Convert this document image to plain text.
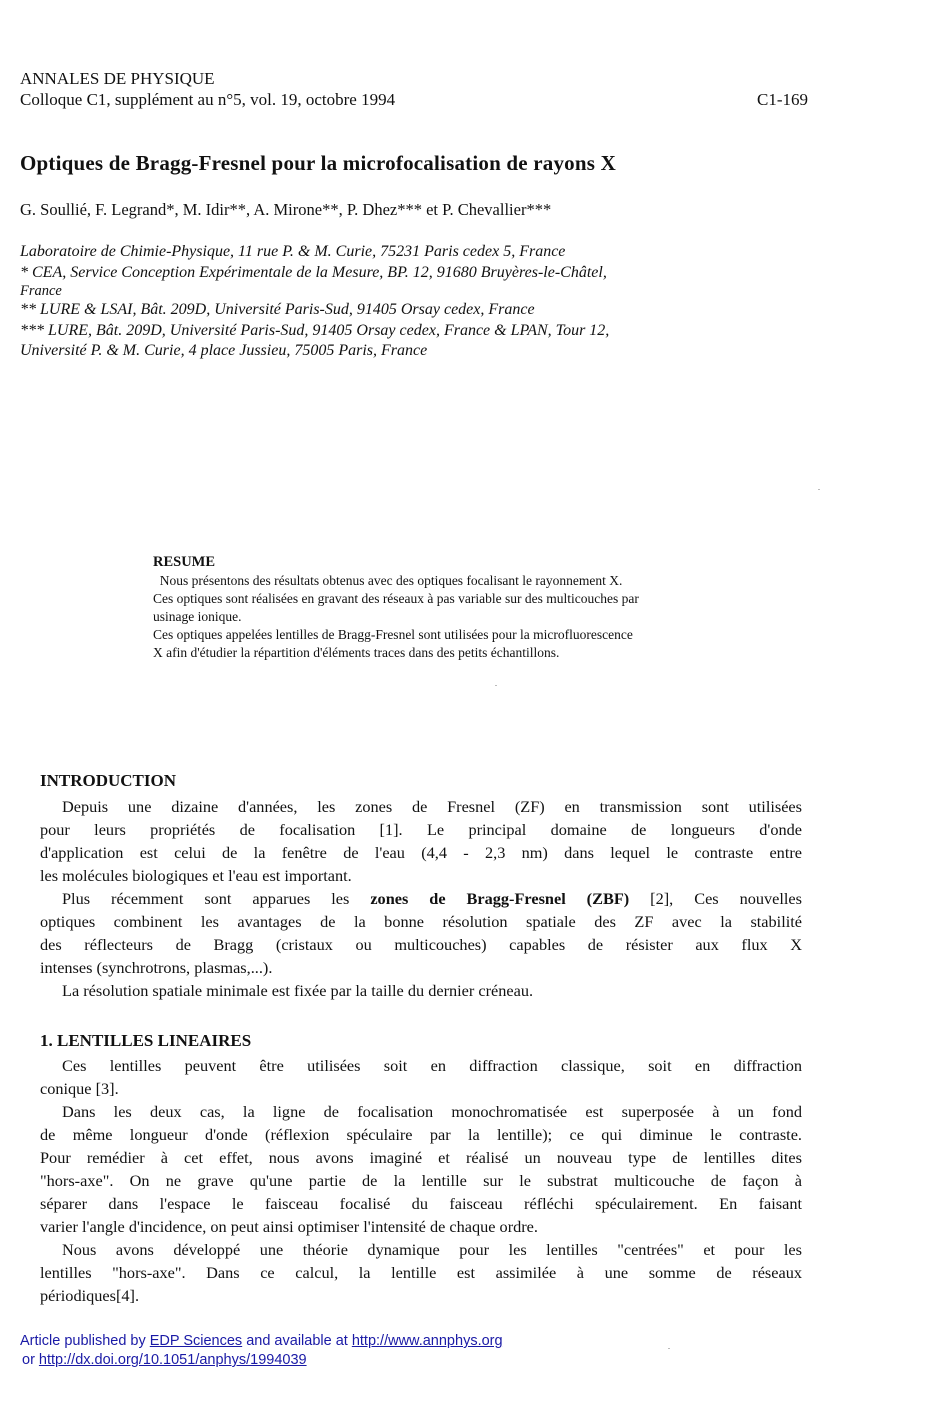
ANNALES DE PHYSIQUE
Colloque C1, supplément au n°5, vol. 19, octobre 1994	C1-169
Optiques de Bragg-Fresnel pour la microfocalisation de rayons X
G. Soullié, F. Legrand*, M. Idir**, A. Mirone**, P. Dhez*** et P. Chevallier***
Laboratoire de Chimie-Physique, 11 rue P. & M. Curie, 75231 Paris cedex 5, France
* CEA, Service Conception Expérimentale de la Mesure, BP. 12, 91680 Bruyères-le-Châtel,
France
** LURE & LSAI, Bât. 209D, Université Paris-Sud, 91405 Orsay cedex, France
*** LURE, Bât. 209D, Université Paris-Sud, 91405 Orsay cedex, France & LPAN, Tour 12,
Université P. & M. Curie, 4 place Jussieu, 75005 Paris, France
RESUME
Nous présentons des résultats obtenus avec des optiques focalisant le rayonnement X.
Ces optiques sont réalisées en gravant des réseaux à pas variable sur des multicouches par
usinage ionique.
Ces optiques appelées lentilles de Bragg-Fresnel sont utilisées pour la microfluorescence
X afin d'étudier la répartition d'éléments traces dans des petits échantillons.
INTRODUCTION
Depuis une dizaine d'années, les zones de Fresnel (ZF) en transmission sont utilisées
pour leurs propriétés de focalisation [1]. Le principal domaine de longueurs d'onde
d'application est celui de la fenêtre de l'eau (4,4 - 2,3 nm) dans lequel le contraste entre
les molécules biologiques et l'eau est important.
Plus récemment sont apparues les zones de Bragg-Fresnel (ZBF) [2], Ces nouvelles
optiques combinent les avantages de la bonne résolution spatiale des ZF avec la stabilité
des réflecteurs de Bragg (cristaux ou multicouches) capables de résister aux flux X
intenses (synchrotrons, plasmas,...).
La résolution spatiale minimale est fixée par la taille du dernier créneau.
1. LENTILLES LINEAIRES
Ces lentilles peuvent être utilisées soit en diffraction classique, soit en diffraction
conique [3].
Dans les deux cas, la ligne de focalisation monochromatisée est superposée à un fond
de même longueur d'onde (réflexion spéculaire par la lentille); ce qui diminue le contraste.
Pour remédier à cet effet, nous avons imaginé et réalisé un nouveau type de lentilles dites
"hors-axe". On ne grave qu'une partie de la lentille sur le substrat multicouche de façon à
séparer dans l'espace le faisceau focalisé du faisceau réfléchi spéculairement. En faisant
varier l'angle d'incidence, on peut ainsi optimiser l'intensité de chaque ordre.
Nous avons développé une théorie dynamique pour les lentilles "centrées" et pour les
lentilles "hors-axe". Dans ce calcul, la lentille est assimilée à une somme de réseaux
périodiques[4].
Article published by EDP Sciences and available at http://www.annphys.org
or http://dx.doi.org/10.1051/anphys/1994039
